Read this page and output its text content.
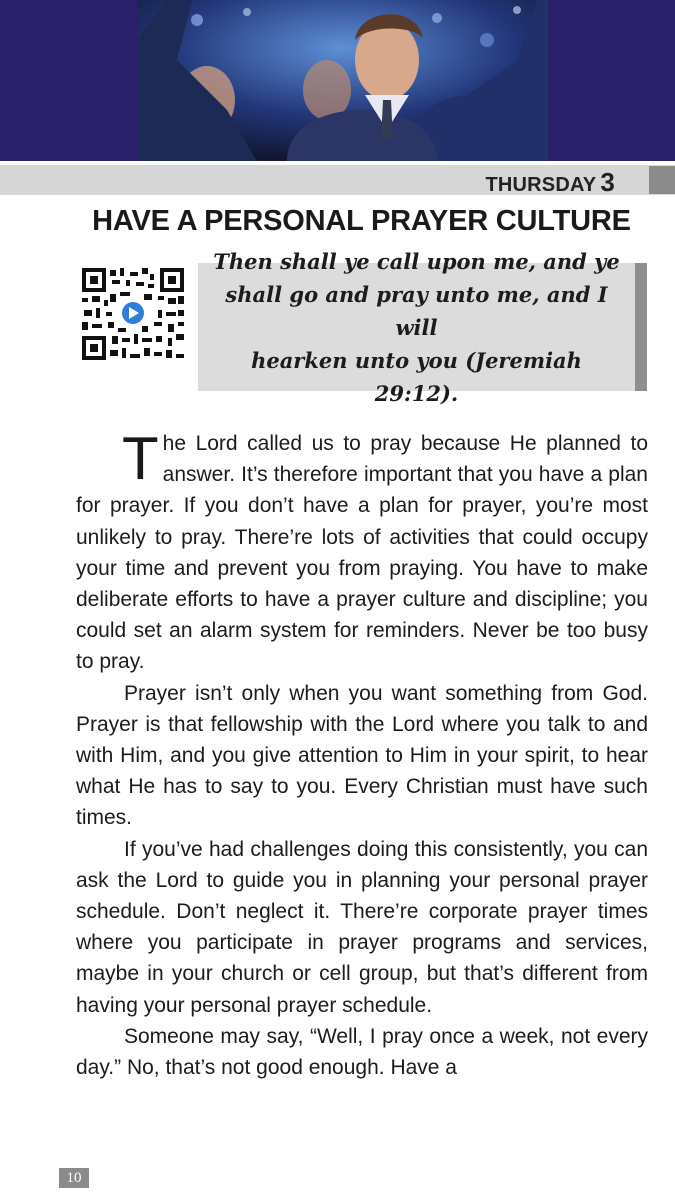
THURSDAY 3
HAVE A PERSONAL PRAYER CULTURE
Then shall ye call upon me, and ye
shall go and pray unto me, and I will
hearken unto you (Jeremiah 29:12).

The Lord called us to pray because He planned to answer. It’s therefore important that you have a plan for prayer. If you don’t have a plan for prayer, you’re most unlikely to pray. There’re lots of activities that could occupy your time and prevent you from praying. You have to make deliberate efforts to have a prayer culture and discipline; you could set an alarm system for reminders. Never be too busy to pray.

Prayer isn’t only when you want something from God. Prayer is that fellowship with the Lord where you talk to and with Him, and you give attention to Him in your spirit, to hear what He has to say to you. Every Christian must have such times.

If you’ve had challenges doing this consistently, you can ask the Lord to guide you in planning your personal prayer schedule. Don’t neglect it. There’re corporate prayer times where you participate in prayer programs and services, maybe in your church or cell group, but that’s different from having your personal prayer schedule.

Someone may say, “Well, I pray once a week, not every day.” No, that’s not good enough. Have a

10
